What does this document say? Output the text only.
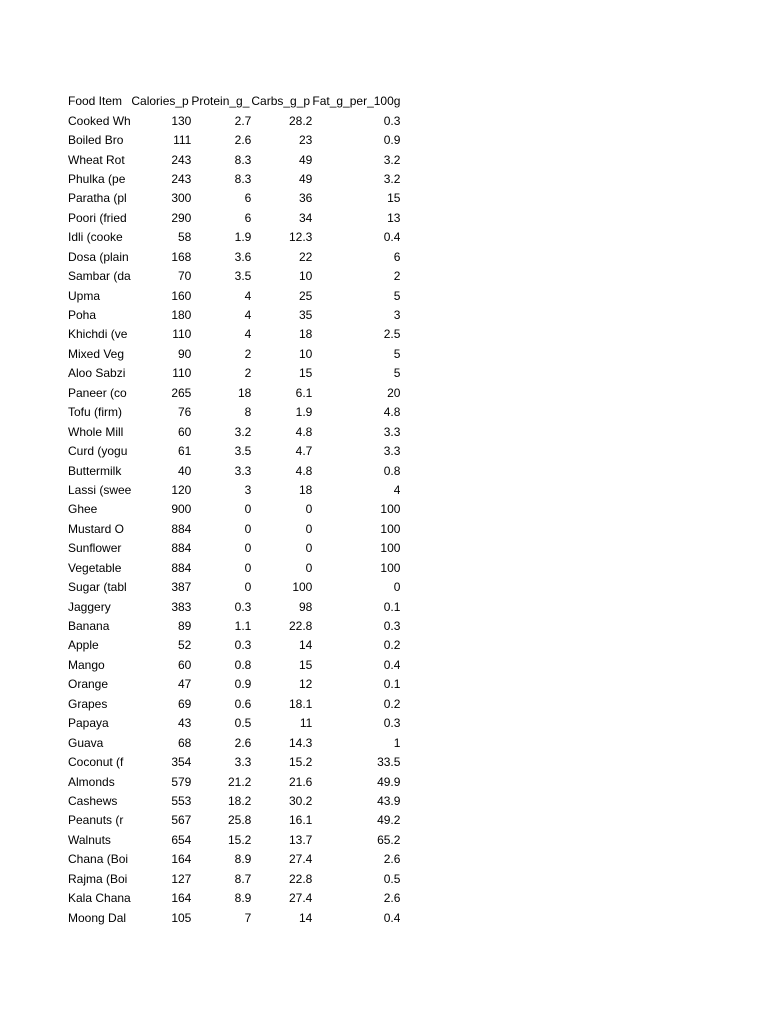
Food Item	Calories_p	Protein_g_	Carbs_g_p	Fat_g_per_100g
Cooked Wh	130	2.7	28.2	0.3
Boiled Bro	111	2.6	23	0.9
Wheat Rot	243	8.3	49	3.2
Phulka (pe	243	8.3	49	3.2
Paratha (pl	300	6	36	15
Poori (fried	290	6	34	13
Idli (cooke	58	1.9	12.3	0.4
Dosa (plain	168	3.6	22	6
Sambar (da	70	3.5	10	2
Upma	160	4	25	5
Poha	180	4	35	3
Khichdi (ve	110	4	18	2.5
Mixed Veg	90	2	10	5
Aloo Sabzi	110	2	15	5
Paneer (co	265	18	6.1	20
Tofu (firm)	76	8	1.9	4.8
Whole Mill	60	3.2	4.8	3.3
Curd (yogu	61	3.5	4.7	3.3
Buttermilk	40	3.3	4.8	0.8
Lassi (swee	120	3	18	4
Ghee	900	0	0	100
Mustard O	884	0	0	100
Sunflower	884	0	0	100
Vegetable	884	0	0	100
Sugar (tabl	387	0	100	0
Jaggery	383	0.3	98	0.1
Banana	89	1.1	22.8	0.3
Apple	52	0.3	14	0.2
Mango	60	0.8	15	0.4
Orange	47	0.9	12	0.1
Grapes	69	0.6	18.1	0.2
Papaya	43	0.5	11	0.3
Guava	68	2.6	14.3	1
Coconut (f	354	3.3	15.2	33.5
Almonds	579	21.2	21.6	49.9
Cashews	553	18.2	30.2	43.9
Peanuts (r	567	25.8	16.1	49.2
Walnuts	654	15.2	13.7	65.2
Chana (Boi	164	8.9	27.4	2.6
Rajma (Boi	127	8.7	22.8	0.5
Kala Chana	164	8.9	27.4	2.6
Moong Dal	105	7	14	0.4
